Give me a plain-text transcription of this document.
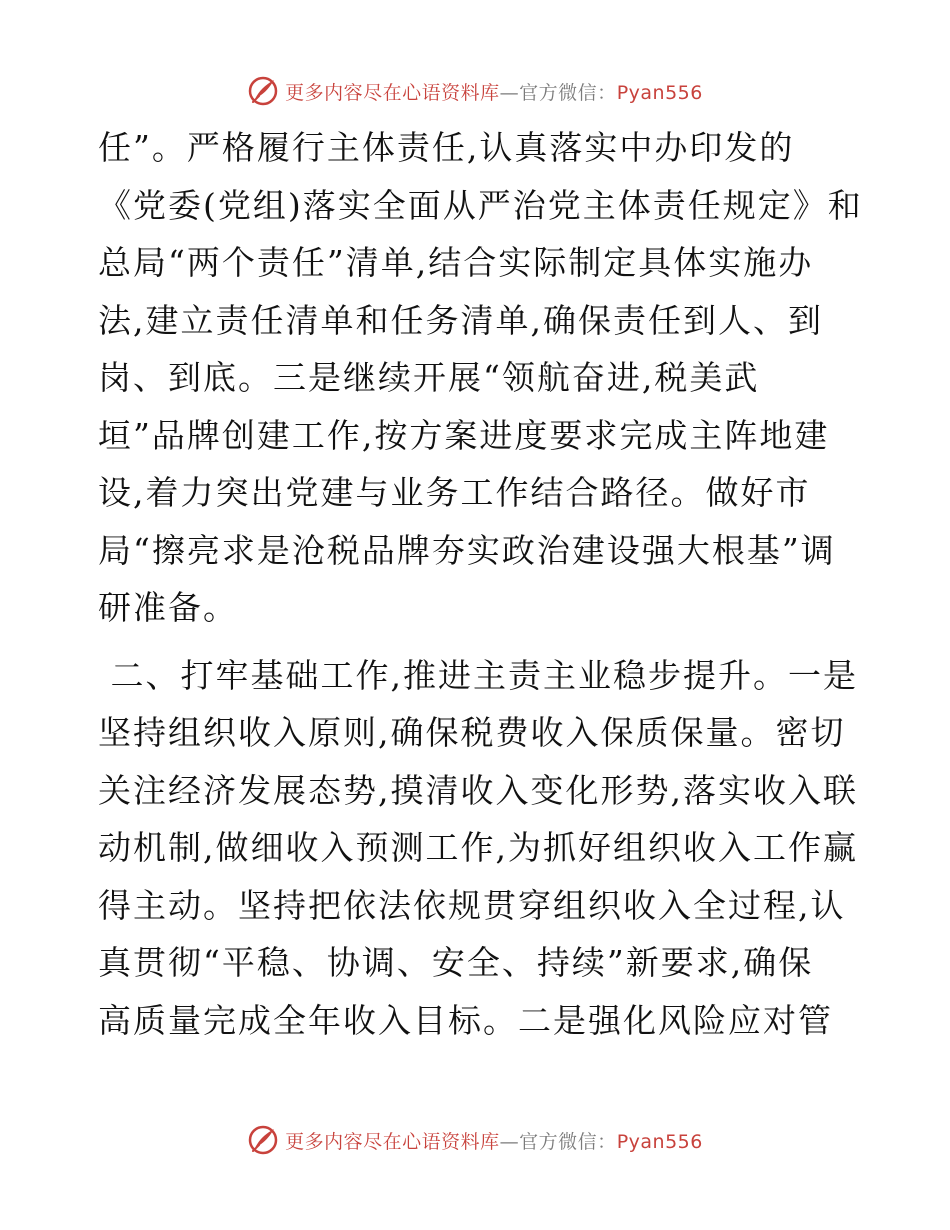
更多内容尽在心语资料库—官方微信：Pyan556
任”。严格履行主体责任,认真落实中办印发的
《党委(党组)落实全面从严治党主体责任规定》和
总局“两个责任”清单,结合实际制定具体实施办
法,建立责任清单和任务清单,确保责任到人、到
岗、到底。三是继续开展“领航奋进,税美武
垣”品牌创建工作,按方案进度要求完成主阵地建
设,着力突出党建与业务工作结合路径。做好市
局“擦亮求是沧税品牌夯实政治建设强大根基”调
研准备。
二、打牢基础工作,推进主责主业稳步提升。一是
坚持组织收入原则,确保税费收入保质保量。密切
关注经济发展态势,摸清收入变化形势,落实收入联
动机制,做细收入预测工作,为抓好组织收入工作赢
得主动。坚持把依法依规贯穿组织收入全过程,认
真贯彻“平稳、协调、安全、持续”新要求,确保
高质量完成全年收入目标。二是强化风险应对管
更多内容尽在心语资料库—官方微信：Pyan556
